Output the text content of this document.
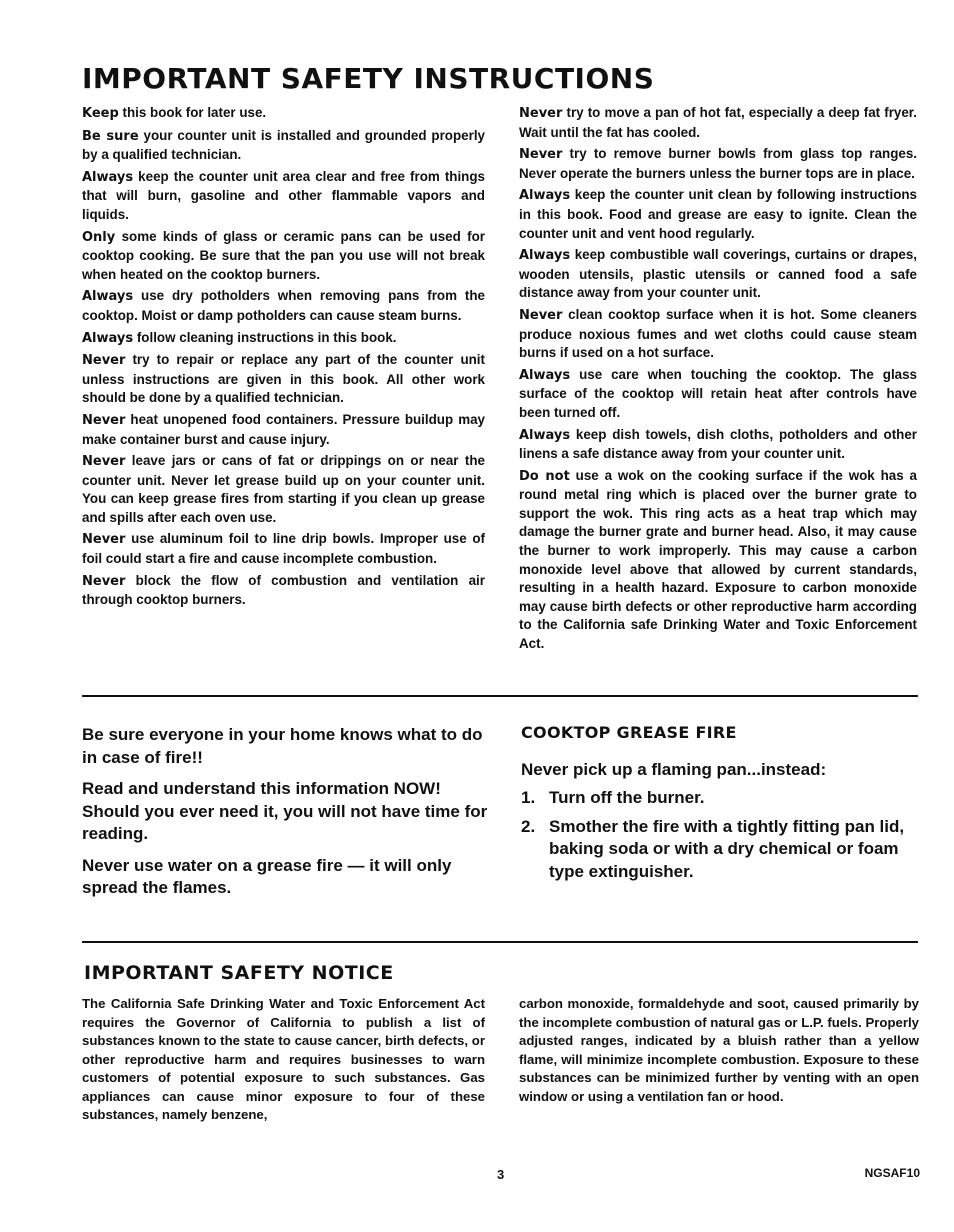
IMPORTANT SAFETY INSTRUCTIONS

Keep this book for later use.

Be sure your counter unit is installed and grounded properly by a qualified technician.

Always keep the counter unit area clear and free from things that will burn, gasoline and other flammable vapors and liquids.

Only some kinds of glass or ceramic pans can be used for cooktop cooking. Be sure that the pan you use will not break when heated on the cooktop burners.

Always use dry potholders when removing pans from the cooktop. Moist or damp potholders can cause steam burns.

Always follow cleaning instructions in this book.

Never try to repair or replace any part of the counter unit unless instructions are given in this book. All other work should be done by a qualified technician.

Never heat unopened food containers. Pressure buildup may make container burst and cause injury.

Never leave jars or cans of fat or drippings on or near the counter unit. Never let grease build up on your counter unit. You can keep grease fires from starting if you clean up grease and spills after each oven use.

Never use aluminum foil to line drip bowls. Improper use of foil could start a fire and cause incomplete combustion.

Never block the flow of combustion and ventilation air through cooktop burners.

Never try to move a pan of hot fat, especially a deep fat fryer. Wait until the fat has cooled.

Never try to remove burner bowls from glass top ranges. Never operate the burners unless the burner tops are in place.

Always keep the counter unit clean by following instructions in this book. Food and grease are easy to ignite. Clean the counter unit and vent hood regularly.

Always keep combustible wall coverings, curtains or drapes, wooden utensils, plastic utensils or canned food a safe distance away from your counter unit.

Never clean cooktop surface when it is hot. Some cleaners produce noxious fumes and wet cloths could cause steam burns if used on a hot surface.

Always use care when touching the cooktop. The glass surface of the cooktop will retain heat after controls have been turned off.

Always keep dish towels, dish cloths, potholders and other linens a safe distance away from your counter unit.

Do not use a wok on the cooking surface if the wok has a round metal ring which is placed over the burner grate to support the wok. This ring acts as a heat trap which may damage the burner grate and burner head. Also, it may cause the burner to work improperly. This may cause a carbon monoxide level above that allowed by current standards, resulting in a health hazard. Exposure to carbon monoxide may cause birth defects or other reproductive harm according to the California safe Drinking Water and Toxic Enforcement Act.

Be sure everyone in your home knows what to do in case of fire!!

Read and understand this information NOW! Should you ever need it, you will not have time for reading.

Never use water on a grease fire — it will only spread the flames.

COOKTOP GREASE FIRE

Never pick up a flaming pan...instead:

1. Turn off the burner.
2. Smother the fire with a tightly fitting pan lid, baking soda or with a dry chemical or foam type extinguisher.
IMPORTANT SAFETY NOTICE
The California Safe Drinking Water and Toxic Enforcement Act requires the Governor of California to publish a list of substances known to the state to cause cancer, birth defects, or other reproductive harm and requires businesses to warn customers of potential exposure to such substances. Gas appliances can cause minor exposure to four of these substances, namely benzene,
carbon monoxide, formaldehyde and soot, caused primarily by the incomplete combustion of natural gas or L.P. fuels. Properly adjusted ranges, indicated by a bluish rather than a yellow flame, will minimize incomplete combustion. Exposure to these substances can be minimized further by venting with an open window or using a ventilation fan or hood.
3	NGSAF10
